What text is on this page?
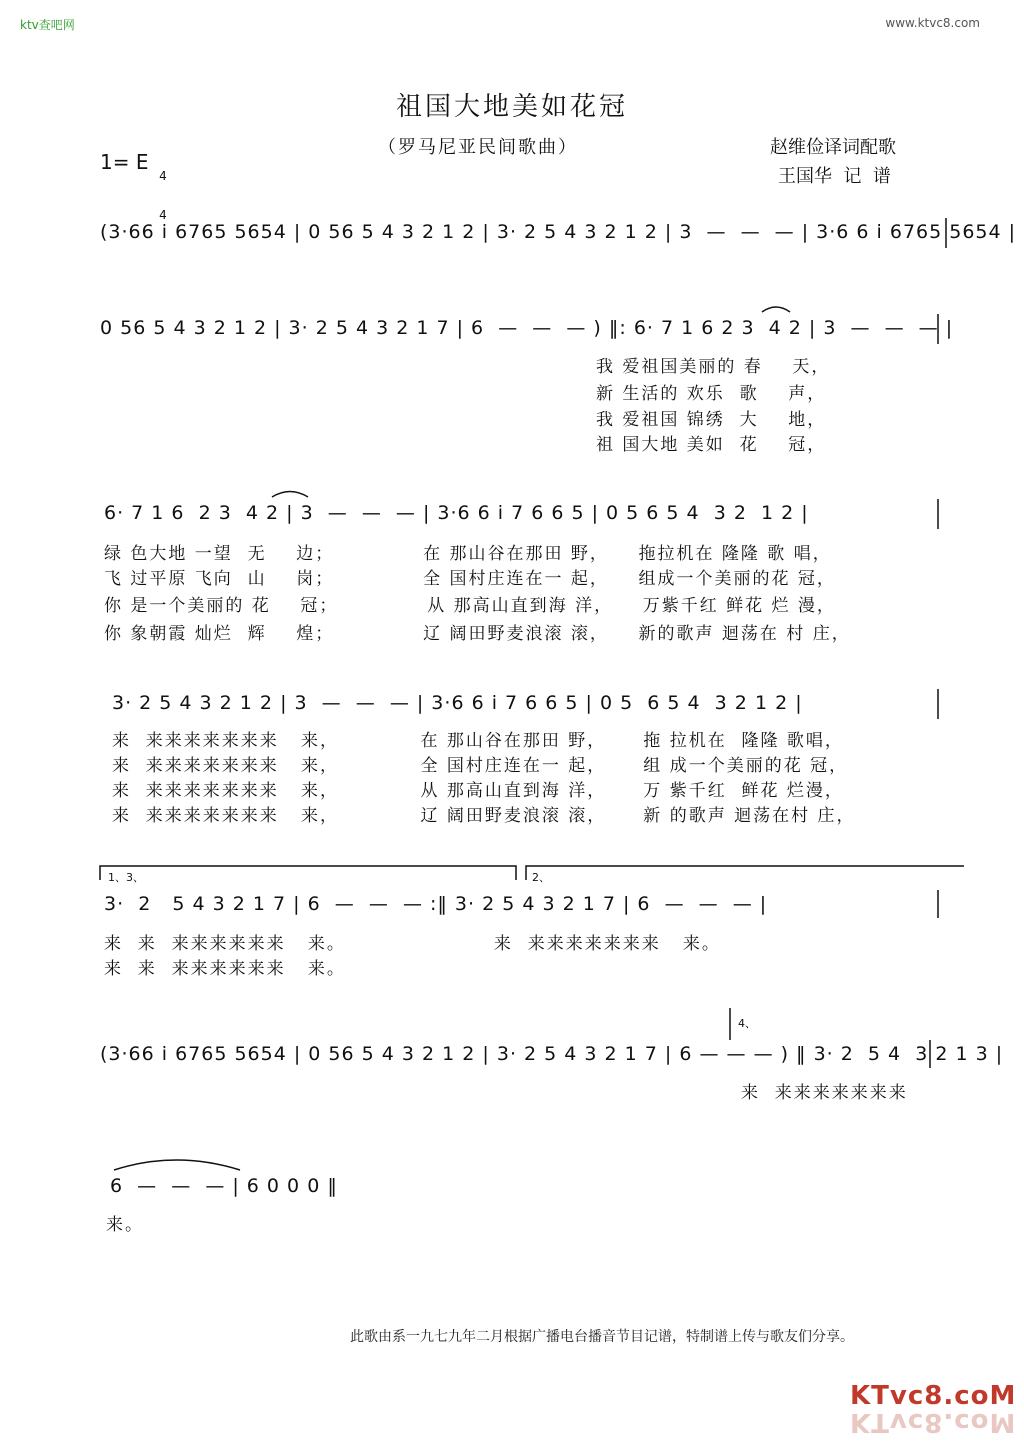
ktv查吧网	www.ktvc8.com
祖国大地美如花冠
（罗马尼亚民间歌曲）	赵维俭译词配歌
王国华  记  谱
1= E

4

4

(3·66 i 6765 5654 | 0 56 5 4 3 2 1 2 | 3· 2 5 4 3 2 1 2 | 3  —  —  — | 3·6 6 i 6765 5654 |
0 56 5 4 3 2 1 2 | 3· 2 5 4 3 2 1 7 | 6  —  —  — ) ‖: 6· 7 1 6 2 3  4 2 | 3  —  —  — |
我 爱祖国美丽的 春    天，
新 生活的 欢乐  歌    声，
我 爱祖国 锦绣  大    地，
祖 国大地 美如  花    冠，
6· 7 1 6  2 3  4 2 | 3  —  —  — | 3·6 6 i 7 6 6 5 | 0 5 6 5 4  3 2  1 2 |
绿 色大地 一望  无    边；            在 那山谷在那田 野，    拖拉机在 隆隆 歌 唱，
飞 过平原 飞向  山    岗；            全 国村庄连在一 起，    组成一个美丽的花 冠，
你 是一个美丽的 花    冠；            从 那高山直到海 洋，    万紫千红 鲜花 烂 漫，
你 象朝霞 灿烂  辉    煌；            辽 阔田野麦浪滚 滚，    新的歌声 迴荡在 村 庄，
3· 2 5 4 3 2 1 2 | 3  —  —  — | 3·6 6 i 7 6 6 5 | 0 5  6 5 4  3 2 1 2 |
来  来来来来来来来   来，           在 那山谷在那田 野，     拖 拉机在  隆隆 歌唱，
来  来来来来来来来   来，           全 国村庄连在一 起，     组 成一个美丽的花 冠，
来  来来来来来来来   来，           从 那高山直到海 洋，     万 紫千红  鲜花 烂漫，
来  来来来来来来来   来，           辽 阔田野麦浪滚 滚，     新 的歌声 迴荡在村 庄，
1、3、	2、
3·  2   5 4 3 2 1 7 | 6  —  —  — :‖ 3· 2 5 4 3 2 1 7 | 6  —  —  — |
来  来  来来来来来来   来。                    来  来来来来来来来   来。
来  来  来来来来来来   来。
4、
(3·66 i 6765 5654 | 0 56 5 4 3 2 1 2 | 3· 2 5 4 3 2 1 7 | 6 — — — ) ‖ 3· 2  5 4  3 2 1 3 |
来  来来来来来来来
6  —  —  — | 6 0 0 0 ‖
来。
此歌由系一九七九年二月根据广播电台播音节目记谱，特制谱上传与歌友们分享。
KTvc8.coM
KTvc8.coM
